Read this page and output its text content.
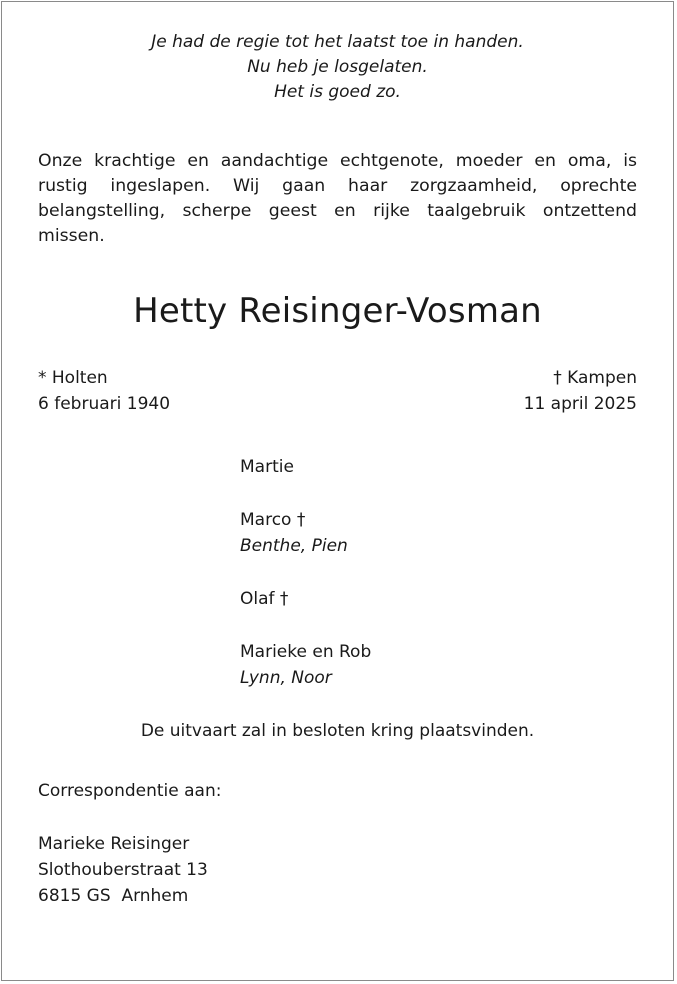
Je had de regie tot het laatst toe in handen.
Nu heb je losgelaten.
Het is goed zo.

Onze krachtige en aandachtige echtgenote, moeder en oma, is rustig ingeslapen. Wij gaan haar zorgzaamheid, oprechte belangstelling, scherpe geest en rijke taalgebruik ontzettend missen.

Hetty Reisinger-Vosman
* Holten
6 februari 1940
† Kampen
11 april 2025
Martie
Marco †
Benthe, Pien
Olaf †
Marieke en Rob
Lynn, Noor
De uitvaart zal in besloten kring plaatsvinden.
Correspondentie aan:
Marieke Reisinger
Slothouberstraat 13
6815 GS  Arnhem
